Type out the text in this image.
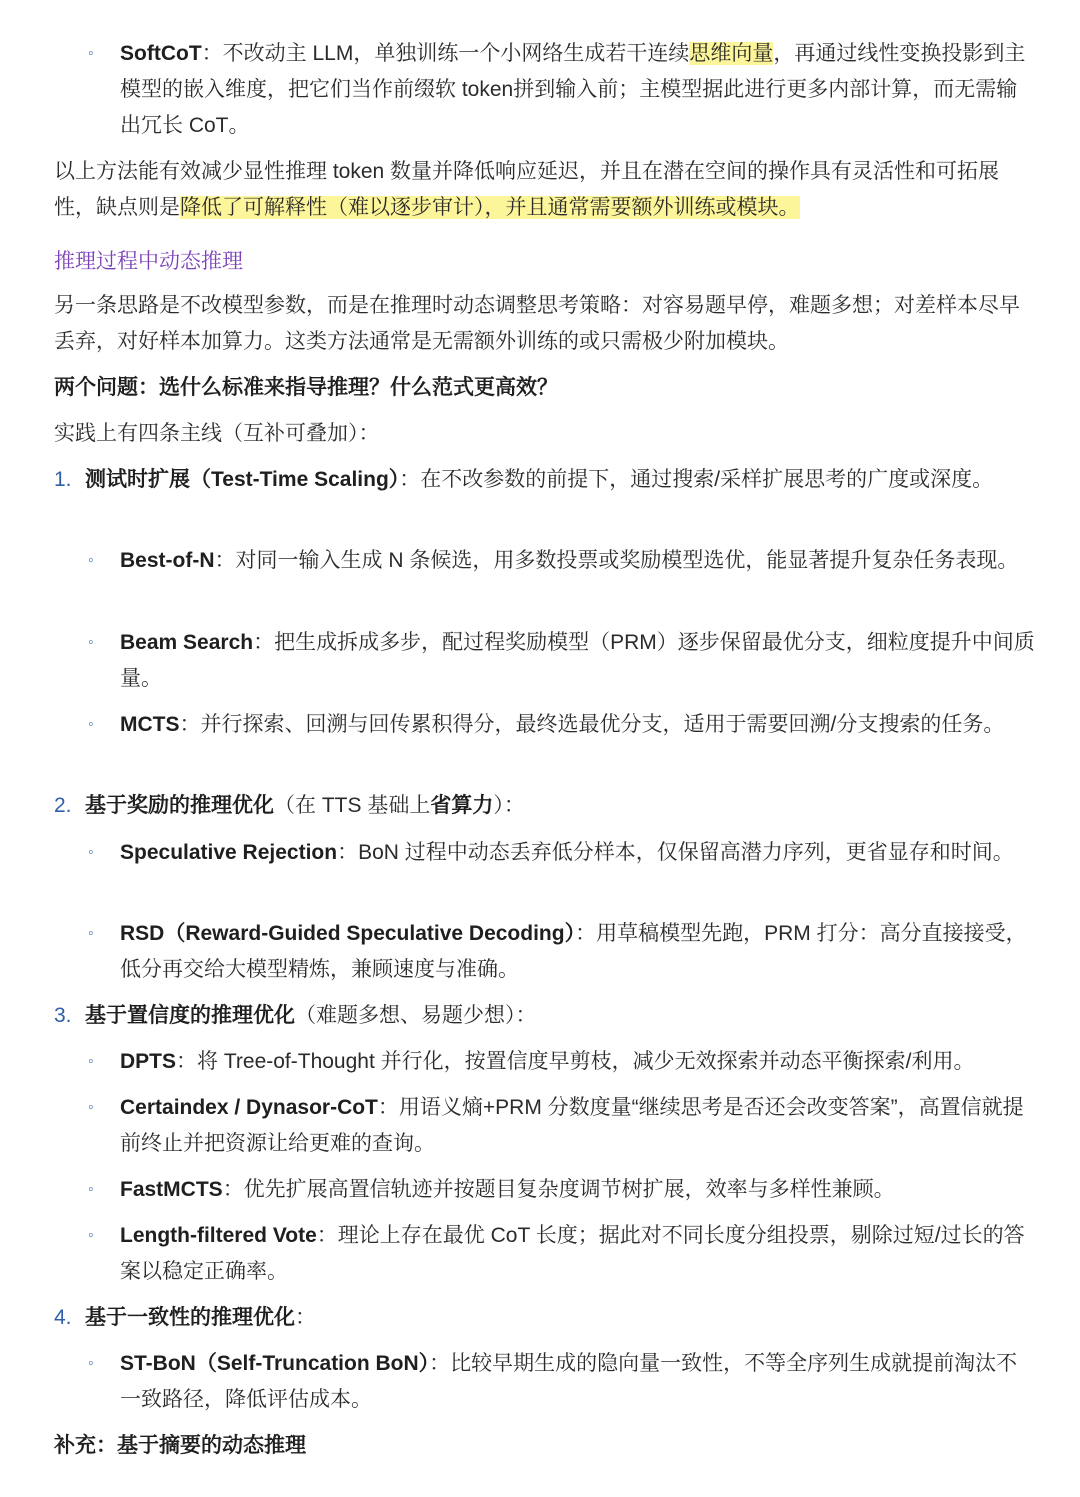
◦ SoftCoT：不改动主 LLM，单独训练一个小网络生成若干连续思维向量，再通过线性变换投影到主模型的嵌入维度，把它们当作前缀软 token拼到输入前；主模型据此进行更多内部计算，而无需输出冗长 CoT。
以上方法能有效减少显性推理 token 数量并降低响应延迟，并且在潜在空间的操作具有灵活性和可拓展性，缺点则是降低了可解释性（难以逐步审计），并且通常需要额外训练或模块。
推理过程中动态推理
另一条思路是不改模型参数，而是在推理时动态调整思考策略：对容易题早停，难题多想；对差样本尽早丢弃，对好样本加算力。这类方法通常是无需额外训练的或只需极少附加模块。
两个问题：选什么标准来指导推理？什么范式更高效？
实践上有四条主线（互补可叠加）：
1. 测试时扩展（Test-Time Scaling）：在不改参数的前提下，通过搜索/采样扩展思考的广度或深度。
◦ Best-of-N：对同一输入生成 N 条候选，用多数投票或奖励模型选优，能显著提升复杂任务表现。
◦ Beam Search：把生成拆成多步，配过程奖励模型（PRM）逐步保留最优分支，细粒度提升中间质量。
◦ MCTS：并行探索、回溯与回传累积得分，最终选最优分支，适用于需要回溯/分支搜索的任务。
2. 基于奖励的推理优化（在 TTS 基础上省算力）：
◦ Speculative Rejection：BoN 过程中动态丢弃低分样本，仅保留高潜力序列，更省显存和时间。
◦ RSD（Reward-Guided Speculative Decoding）：用草稿模型先跑，PRM 打分：高分直接接受，低分再交给大模型精炼，兼顾速度与准确。
3. 基于置信度的推理优化（难题多想、易题少想）：
◦ DPTS：将 Tree-of-Thought 并行化，按置信度早剪枝，减少无效探索并动态平衡探索/利用。
◦ Certaindex / Dynasor-CoT：用语义熵+PRM 分数度量“继续思考是否还会改变答案”，高置信就提前终止并把资源让给更难的查询。
◦ FastMCTS：优先扩展高置信轨迹并按题目复杂度调节树扩展，效率与多样性兼顾。
◦ Length-filtered Vote：理论上存在最优 CoT 长度；据此对不同长度分组投票，剔除过短/过长的答案以稳定正确率。
4. 基于一致性的推理优化：
◦ ST-BoN（Self-Truncation BoN）：比较早期生成的隐向量一致性，不等全序列生成就提前淘汰不一致路径，降低评估成本。
补充：基于摘要的动态推理
